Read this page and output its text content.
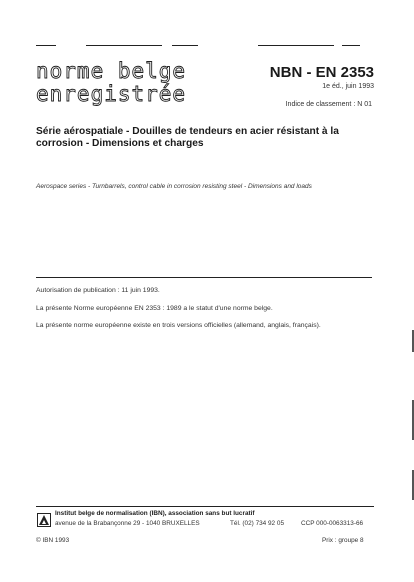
norme belge
enregistrée
NBN - EN 2353
1e éd., juin 1993
Indice de classement : N 01
Série aérospatiale - Douilles de tendeurs en acier résistant à la corrosion - Dimensions et charges
Aerospace series - Turnbarrels, control cable in corrosion resisting steel - Dimensions and loads
Autorisation de publication : 11 juin 1993.
La présente Norme européenne EN 2353 : 1989 a le statut d'une norme belge.
La présente norme européenne existe en trois versions officielles (allemand, anglais, français).
Institut belge de normalisation (IBN), association sans but lucratif
avenue de la Brabançonne 29 - 1040 BRUXELLES	Tél. (02) 734 92 05	CCP 000-0063313-66
© IBN 1993	Prix : groupe 8
